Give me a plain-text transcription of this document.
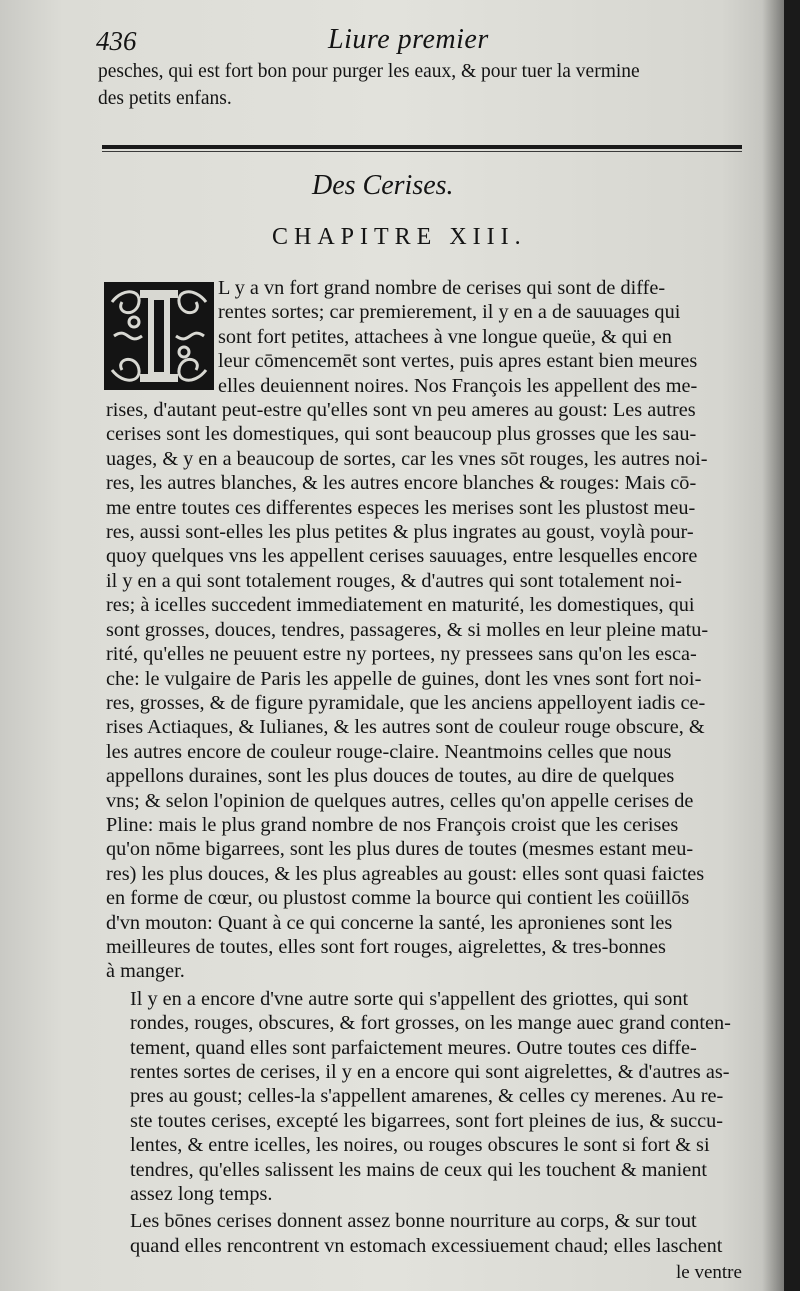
436	Liure premier

pesches, qui est fort bon pour purger les eaux, & pour tuer la vermine
des petits enfans.

Des Cerises.
CHAPITRE XIII.

L y a vn fort grand nombre de cerises qui sont de diffe-
rentes sortes; car premierement, il y en a de sauuages qui
sont fort petites, attachees à vne longue queüe, & qui en
leur cōmencemēt sont vertes, puis apres estant bien meures
elles deuiennent noires. Nos François les appellent des me-
rises, d'autant peut-estre qu'elles sont vn peu ameres au goust: Les autres
cerises sont les domestiques, qui sont beaucoup plus grosses que les sau-
uages, & y en a beaucoup de sortes, car les vnes sōt rouges, les autres noi-
res, les autres blanches, & les autres encore blanches & rouges: Mais cō-
me entre toutes ces differentes especes les merises sont les plustost meu-
res, aussi sont-elles les plus petites & plus ingrates au goust, voylà pour-
quoy quelques vns les appellent cerises sauuages, entre lesquelles encore
il y en a qui sont totalement rouges, & d'autres qui sont totalement noi-
res; à icelles succedent immediatement en maturité, les domestiques, qui
sont grosses, douces, tendres, passageres, & si molles en leur pleine matu-
rité, qu'elles ne peuuent estre ny portees, ny pressees sans qu'on les esca-
che: le vulgaire de Paris les appelle de guines, dont les vnes sont fort noi-
res, grosses, & de figure pyramidale, que les anciens appelloyent iadis ce-
rises Actiaques, & Iulianes, & les autres sont de couleur rouge obscure, &
les autres encore de couleur rouge-claire. Neantmoins celles que nous
appellons duraines, sont les plus douces de toutes, au dire de quelques
vns; & selon l'opinion de quelques autres, celles qu'on appelle cerises de
Pline: mais le plus grand nombre de nos François croist que les cerises
qu'on nōme bigarrees, sont les plus dures de toutes (mesmes estant meu-
res) les plus douces, & les plus agreables au goust: elles sont quasi faictes
en forme de cœur, ou plustost comme la bource qui contient les coüillōs
d'vn mouton: Quant à ce qui concerne la santé, les apronienes sont les
meilleures de toutes, elles sont fort rouges, aigrelettes, & tres-bonnes
à manger.

Il y en a encore d'vne autre sorte qui s'appellent des griottes, qui sont
rondes, rouges, obscures, & fort grosses, on les mange auec grand conten-
tement, quand elles sont parfaictement meures. Outre toutes ces diffe-
rentes sortes de cerises, il y en a encore qui sont aigrelettes, & d'autres as-
pres au goust; celles-la s'appellent amarenes, & celles cy merenes. Au re-
ste toutes cerises, excepté les bigarrees, sont fort pleines de ius, & succu-
lentes, & entre icelles, les noires, ou rouges obscures le sont si fort & si
tendres, qu'elles salissent les mains de ceux qui les touchent & manient
assez long temps.

Les bōnes cerises donnent assez bonne nourriture au corps, & sur tout
quand elles rencontrent vn estomach excessiuement chaud; elles laschent

le ventre
